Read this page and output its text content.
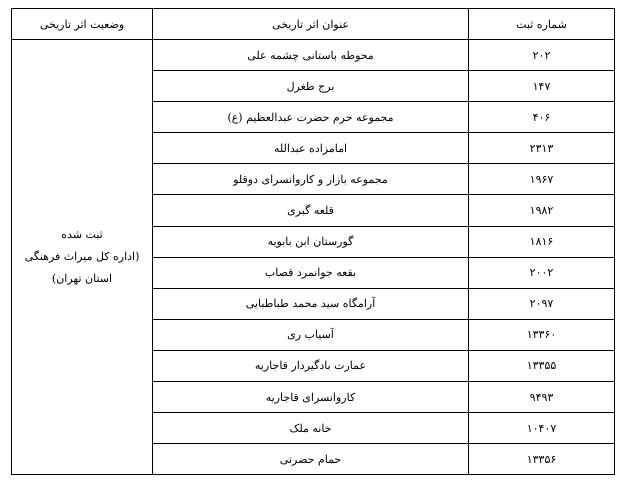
شماره ثبت	عنوان اثر تاریخی	وضعیت اثر تاریخی
۲۰۲	محوطه باستانی چشمه علی	ثبت شده
(اداره کل میراث فرهنگی
استان تهران)

۱۴۷	برج طغرل	
۴۰۶	مجموعه حرم حضرت عبدالعظیم (ع)	
۲۳۱۳	امامزاده عبدالله	
۱۹۶۷	مجموعه بازار و کاروانسرای دوقلو	
۱۹۸۲	قلعه گبری	
۱۸۱۶	گورستان ابن بابویه	
۲۰۰۲	بقعه جوانمرد قصاب	
۲۰۹۷	آرامگاه سید محمد طباطبایی	
۱۳۳۶۰	آسیاب ری	
۱۳۳۵۵	عمارت بادگیردار قاجاریه	
۹۴۹۳	کاروانسرای قاجاریه	
۱۰۴۰۷	خانه ملک	
۱۳۳۵۶	حمام حضرتی	
